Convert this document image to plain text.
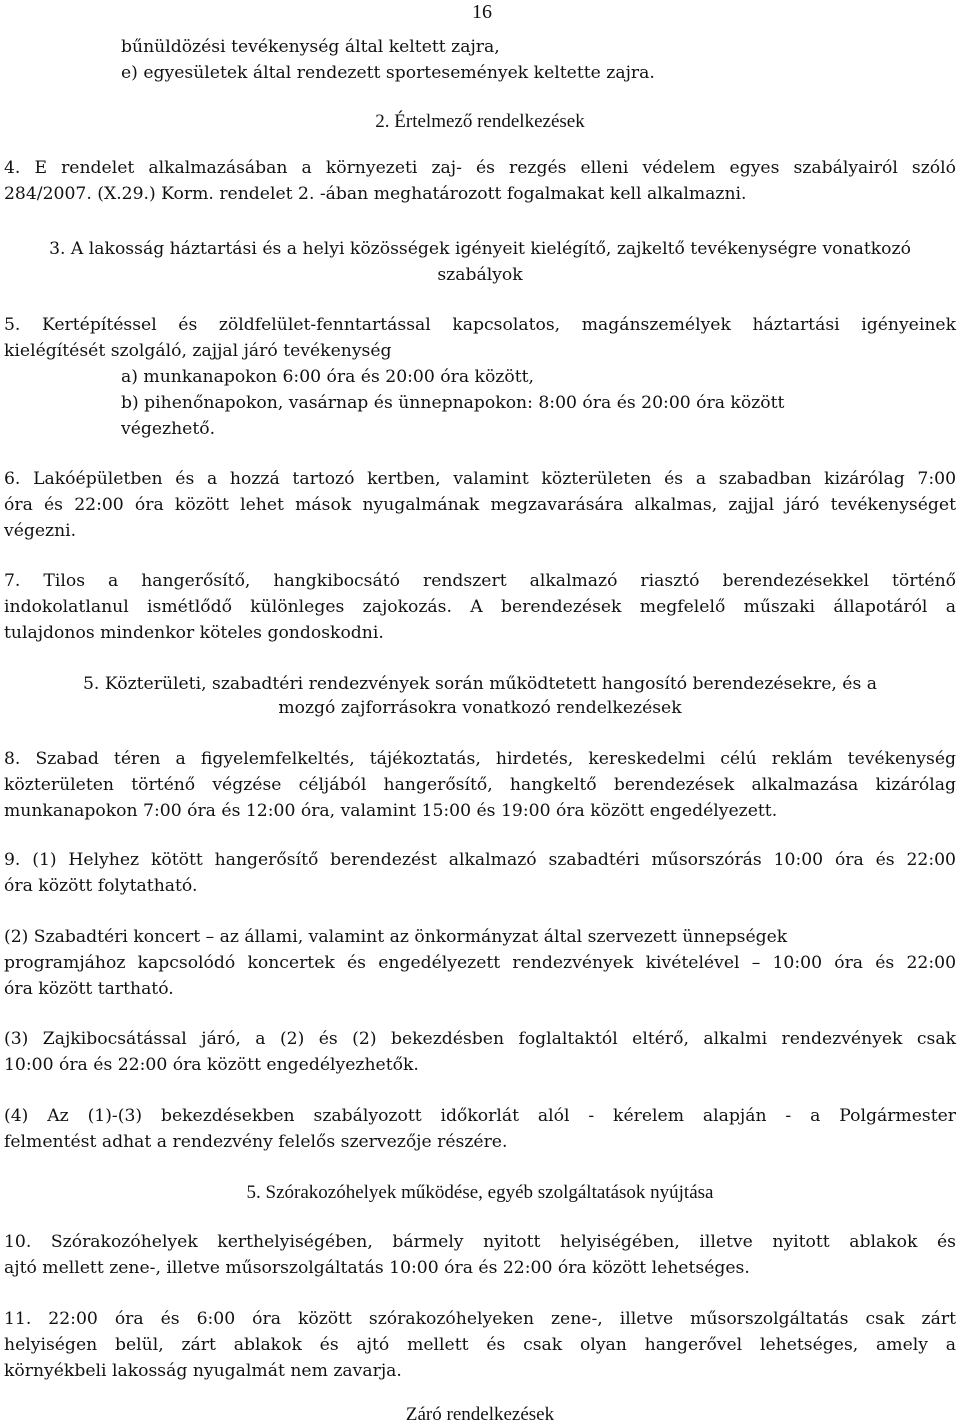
16
bűnüldözési tevékenység által keltett zajra,
e) egyesületek által rendezett sportesemények keltette zajra.
2. Értelmező rendelkezések
4. E rendelet alkalmazásában a környezeti zaj- és rezgés elleni védelem egyes szabályairól szóló
284/2007. (X.29.) Korm. rendelet 2. -ában meghatározott fogalmakat kell alkalmazni.
3. A lakosság háztartási és a helyi közösségek igényeit kielégítő, zajkeltő tevékenységre vonatkozó
szabályok
5. Kertépítéssel és zöldfelület-fenntartással kapcsolatos, magánszemélyek háztartási igényeinek
kielégítését szolgáló, zajjal járó tevékenység
a) munkanapokon 6:00 óra és 20:00 óra között,
b) pihenőnapokon, vasárnap és ünnepnapokon: 8:00 óra és 20:00 óra között
végezhető.
6. Lakóépületben és a hozzá tartozó kertben, valamint közterületen és a szabadban kizárólag 7:00
óra és 22:00 óra között lehet mások nyugalmának megzavarására alkalmas, zajjal járó tevékenységet
végezni.
7. Tilos a hangerősítő, hangkibocsátó rendszert alkalmazó riasztó berendezésekkel történő
indokolatlanul ismétlődő különleges zajokozás. A berendezések megfelelő műszaki állapotáról a
tulajdonos mindenkor köteles gondoskodni.
5. Közterületi, szabadtéri rendezvények során működtetett hangosító berendezésekre, és a
mozgó zajforrásokra vonatkozó rendelkezések
8. Szabad téren a figyelemfelkeltés, tájékoztatás, hirdetés, kereskedelmi célú reklám tevékenység
közterületen történő végzése céljából hangerősítő, hangkeltő berendezések alkalmazása kizárólag
munkanapokon 7:00 óra és 12:00 óra, valamint 15:00 és 19:00 óra között engedélyezett.
9. (1) Helyhez kötött hangerősítő berendezést alkalmazó szabadtéri műsorszórás 10:00 óra és 22:00
óra között folytatható.
(2) Szabadtéri koncert – az állami, valamint az önkormányzat által szervezett ünnepségek
programjához kapcsolódó koncertek és engedélyezett rendezvények kivételével – 10:00 óra és 22:00
óra között tartható.
(3) Zajkibocsátással járó, a (2) és (2) bekezdésben foglaltaktól eltérő, alkalmi rendezvények csak
10:00 óra és 22:00 óra között engedélyezhetők.
(4) Az (1)-(3) bekezdésekben szabályozott időkorlát alól - kérelem alapján - a Polgármester
felmentést adhat a rendezvény felelős szervezője részére.
5. Szórakozóhelyek működése, egyéb szolgáltatások nyújtása
10. Szórakozóhelyek kerthelyiségében, bármely nyitott helyiségében, illetve nyitott ablakok és
ajtó mellett zene-, illetve műsorszolgáltatás 10:00 óra és 22:00 óra között lehetséges.
11. 22:00 óra és 6:00 óra között szórakozóhelyeken zene-, illetve műsorszolgáltatás csak zárt
helyiségen belül, zárt ablakok és ajtó mellett és csak olyan hangerővel lehetséges, amely a
környékbeli lakosság nyugalmát nem zavarja.
Záró rendelkezések
